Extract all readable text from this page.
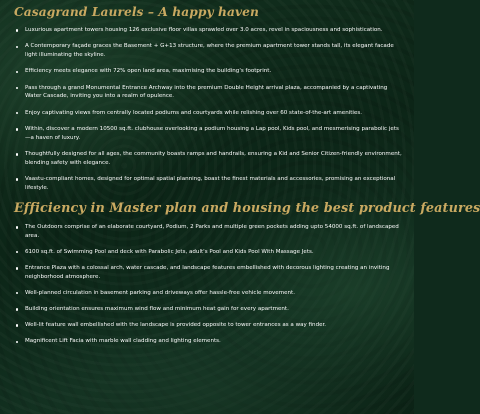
Casagrand Laurels – A happy haven
Luxurious apartment towers housing 126 exclusive floor villas sprawled over 3.0 acres, revel in spaciousness and sophistication.
A Contemporary façade graces the Basement + G+13 structure, where the premium apartment tower stands tall, its elegant facade light illuminating the skyline.
Efficiency meets elegance with 72% open land area, maximising the building's footprint.
Pass through a grand Monumental Entrance Archway into the premium Double Height arrival plaza, accompanied by a captivating Water Cascade, inviting you into a realm of opulence.
Enjoy captivating views from centrally located podiums and courtyards while relishing over 60 state-of-the-art amenities.
Within, discover a modern 10500 sq.ft. clubhouse overlooking a podium housing a Lap pool, Kids pool, and mesmerising parabolic jets—a haven of luxury.
Thoughtfully designed for all ages, the community boasts ramps and handrails, ensuring a Kid and Senior Citizen-friendly environment, blending safety with elegance.
Vaastu-compliant homes, designed for optimal spatial planning, boast the finest materials and accessories, promising an exceptional lifestyle.
Efficiency in Master plan and housing the best product features
The Outdoors comprise of an elaborate courtyard, Podium, 2 Parks and multiple green pockets adding upto 54000 sq.ft. of landscaped area.
6100 sq.ft. of Swimming Pool and deck with Parabolic Jets, adult's Pool and Kids Pool With Massage Jets.
Entrance Plaza with a colossal arch, water cascade, and landscape features embellished with decorous lighting creating an inviting neighborhood atmosphere.
Well-planned circulation in basement parking and driveways offer hassle-free vehicle movement.
Building orientation ensures maximum wind flow and minimum heat gain for every apartment.
Well-lit feature wall embellished with the landscape is provided opposite to tower entrances as a way finder.
Magnificent Lift Facia with marble wall cladding and lighting elements.
